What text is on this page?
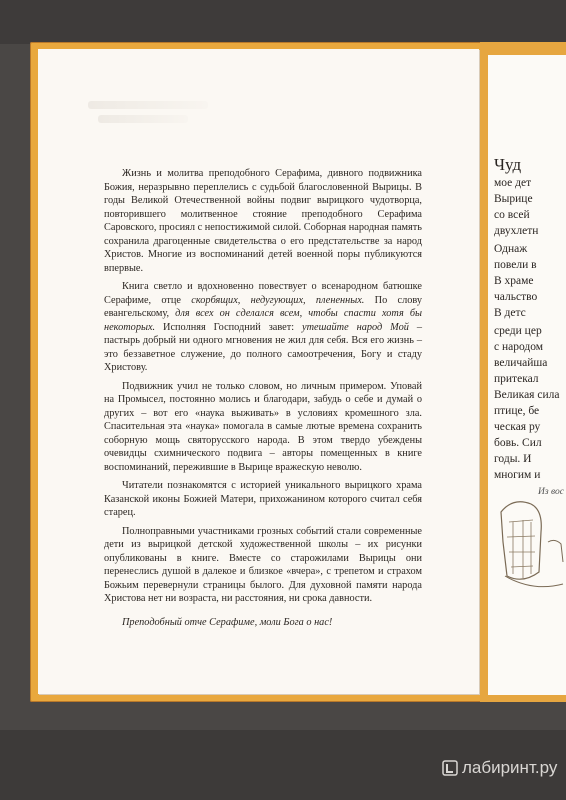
Чуд
мое дет
Вырице
со всей
двухлетн
Однаж
повели в
В храме
чальство
В детс
среди цер
с народом
величайша
притекал
Великая сила
птице, бе
ческая ру
бовь. Сил
годы. И
многим и
Из вос

Жизнь и молитва преподобного Серафима, дивного подвижника Божия, неразрывно переплелись с судьбой благословенной Вырицы. В годы Великой Отечественной войны подвиг вырицкого чудотворца, повторившего молитвенное стояние преподобного Серафима Саровского, просиял с непостижимой силой. Соборная народная память сохранила драгоценные свидетельства о его предстательстве за народ Христов. Многие из воспоминаний детей военной поры публикуются впервые.

Книга светло и вдохновенно повествует о всенародном батюшке Серафиме, отце скорбящих, недугующих, плененных. По слову евангельскому, для всех он сделался всем, чтобы спасти хотя бы некоторых. Исполняя Господний завет: утешайте народ Мой – пастырь добрый ни одного мгновения не жил для себя. Вся его жизнь – это беззаветное служение, до полного самоотречения, Богу и стаду Христову.

Подвижник учил не только словом, но личным примером. Уповай на Промысел, постоянно молись и благодари, забудь о себе и думай о других – вот его «наука выживать» в условиях кромешного зла. Спасительная эта «наука» помогала в самые лютые времена сохранить соборную мощь святорусского народа. В этом твердо убеждены очевидцы схимнического подвига – авторы помещенных в книге воспоминаний, пережившие в Вырице вражескую неволю.

Читатели познакомятся с историей уникального вырицкого храма Казанской иконы Божией Матери, прихожанином которого считал себя старец.

Полноправными участниками грозных событий стали современные дети из вырицкой детской художественной школы – их рисунки опубликованы в книге. Вместе со старожилами Вырицы они перенеслись душой в далекое и близкое «вчера», с трепетом и страхом Божьим перевернули страницы былого. Для духовной памяти народа Христова нет ни возраста, ни расстояния, ни срока давности.

Преподобный отче Серафиме, моли Бога о нас!

лабиринт.ру
